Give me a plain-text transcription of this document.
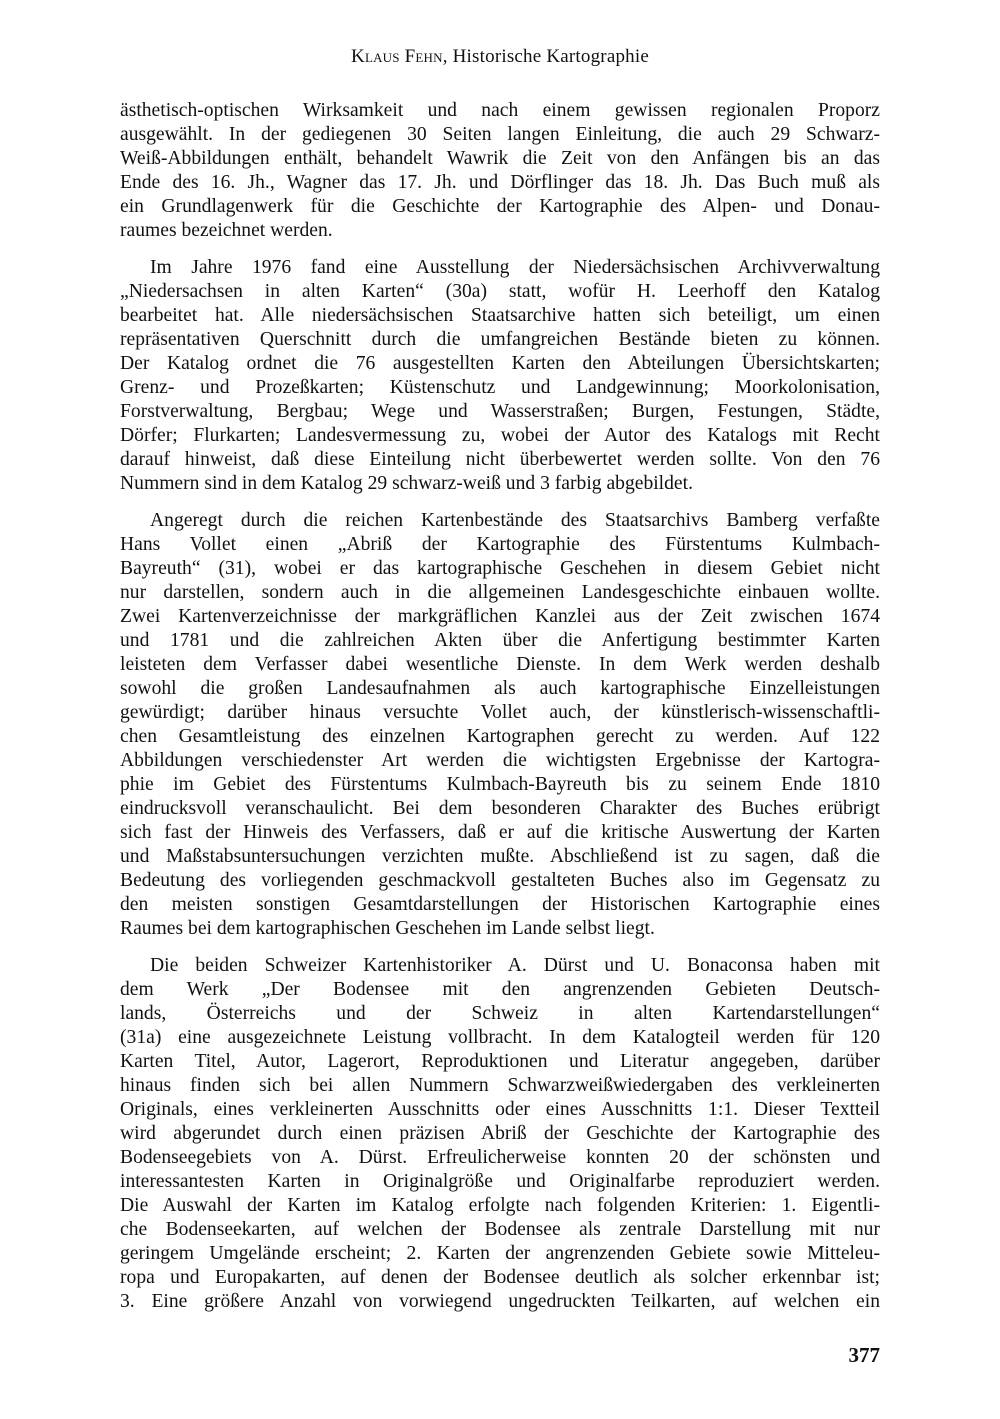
Klaus Fehn, Historische Kartographie
ästhetisch-optischen Wirksamkeit und nach einem gewissen regionalen Proporz
ausgewählt. In der gediegenen 30 Seiten langen Einleitung, die auch 29 Schwarz-
Weiß-Abbildungen enthält, behandelt Wawrik die Zeit von den Anfängen bis an das
Ende des 16. Jh., Wagner das 17. Jh. und Dörflinger das 18. Jh. Das Buch muß als
ein Grundlagenwerk für die Geschichte der Kartographie des Alpen- und Donau-
raumes bezeichnet werden.
Im Jahre 1976 fand eine Ausstellung der Niedersächsischen Archivverwaltung
„Niedersachsen in alten Karten“ (30a) statt, wofür H. Leerhoff den Katalog
bearbeitet hat. Alle niedersächsischen Staatsarchive hatten sich beteiligt, um einen
repräsentativen Querschnitt durch die umfangreichen Bestände bieten zu können.
Der Katalog ordnet die 76 ausgestellten Karten den Abteilungen Übersichtskarten;
Grenz- und Prozeßkarten; Küstenschutz und Landgewinnung; Moorkolonisation,
Forstverwaltung, Bergbau; Wege und Wasserstraßen; Burgen, Festungen, Städte,
Dörfer; Flurkarten; Landesvermessung zu, wobei der Autor des Katalogs mit Recht
darauf hinweist, daß diese Einteilung nicht überbewertet werden sollte. Von den 76
Nummern sind in dem Katalog 29 schwarz-weiß und 3 farbig abgebildet.
Angeregt durch die reichen Kartenbestände des Staatsarchivs Bamberg verfaßte
Hans Vollet einen „Abriß der Kartographie des Fürstentums Kulmbach-
Bayreuth“ (31), wobei er das kartographische Geschehen in diesem Gebiet nicht
nur darstellen, sondern auch in die allgemeinen Landesgeschichte einbauen wollte.
Zwei Kartenverzeichnisse der markgräflichen Kanzlei aus der Zeit zwischen 1674
und 1781 und die zahlreichen Akten über die Anfertigung bestimmter Karten
leisteten dem Verfasser dabei wesentliche Dienste. In dem Werk werden deshalb
sowohl die großen Landesaufnahmen als auch kartographische Einzelleistungen
gewürdigt; darüber hinaus versuchte Vollet auch, der künstlerisch-wissenschaftli-
chen Gesamtleistung des einzelnen Kartographen gerecht zu werden. Auf 122
Abbildungen verschiedenster Art werden die wichtigsten Ergebnisse der Kartogra-
phie im Gebiet des Fürstentums Kulmbach-Bayreuth bis zu seinem Ende 1810
eindrucksvoll veranschaulicht. Bei dem besonderen Charakter des Buches erübrigt
sich fast der Hinweis des Verfassers, daß er auf die kritische Auswertung der Karten
und Maßstabsuntersuchungen verzichten mußte. Abschließend ist zu sagen, daß die
Bedeutung des vorliegenden geschmackvoll gestalteten Buches also im Gegensatz zu
den meisten sonstigen Gesamtdarstellungen der Historischen Kartographie eines
Raumes bei dem kartographischen Geschehen im Lande selbst liegt.
Die beiden Schweizer Kartenhistoriker A. Dürst und U. Bonaconsa haben mit
dem Werk „Der Bodensee mit den angrenzenden Gebieten Deutsch-
lands, Österreichs und der Schweiz in alten Kartendarstellungen“
(31a) eine ausgezeichnete Leistung vollbracht. In dem Katalogteil werden für 120
Karten Titel, Autor, Lagerort, Reproduktionen und Literatur angegeben, darüber
hinaus finden sich bei allen Nummern Schwarzweißwiedergaben des verkleinerten
Originals, eines verkleinerten Ausschnitts oder eines Ausschnitts 1:1. Dieser Textteil
wird abgerundet durch einen präzisen Abriß der Geschichte der Kartographie des
Bodenseegebiets von A. Dürst. Erfreulicherweise konnten 20 der schönsten und
interessantesten Karten in Originalgröße und Originalfarbe reproduziert werden.
Die Auswahl der Karten im Katalog erfolgte nach folgenden Kriterien: 1. Eigentli-
che Bodenseekarten, auf welchen der Bodensee als zentrale Darstellung mit nur
geringem Umgelände erscheint; 2. Karten der angrenzenden Gebiete sowie Mitteleu-
ropa und Europakarten, auf denen der Bodensee deutlich als solcher erkennbar ist;
3. Eine größere Anzahl von vorwiegend ungedruckten Teilkarten, auf welchen ein
377
